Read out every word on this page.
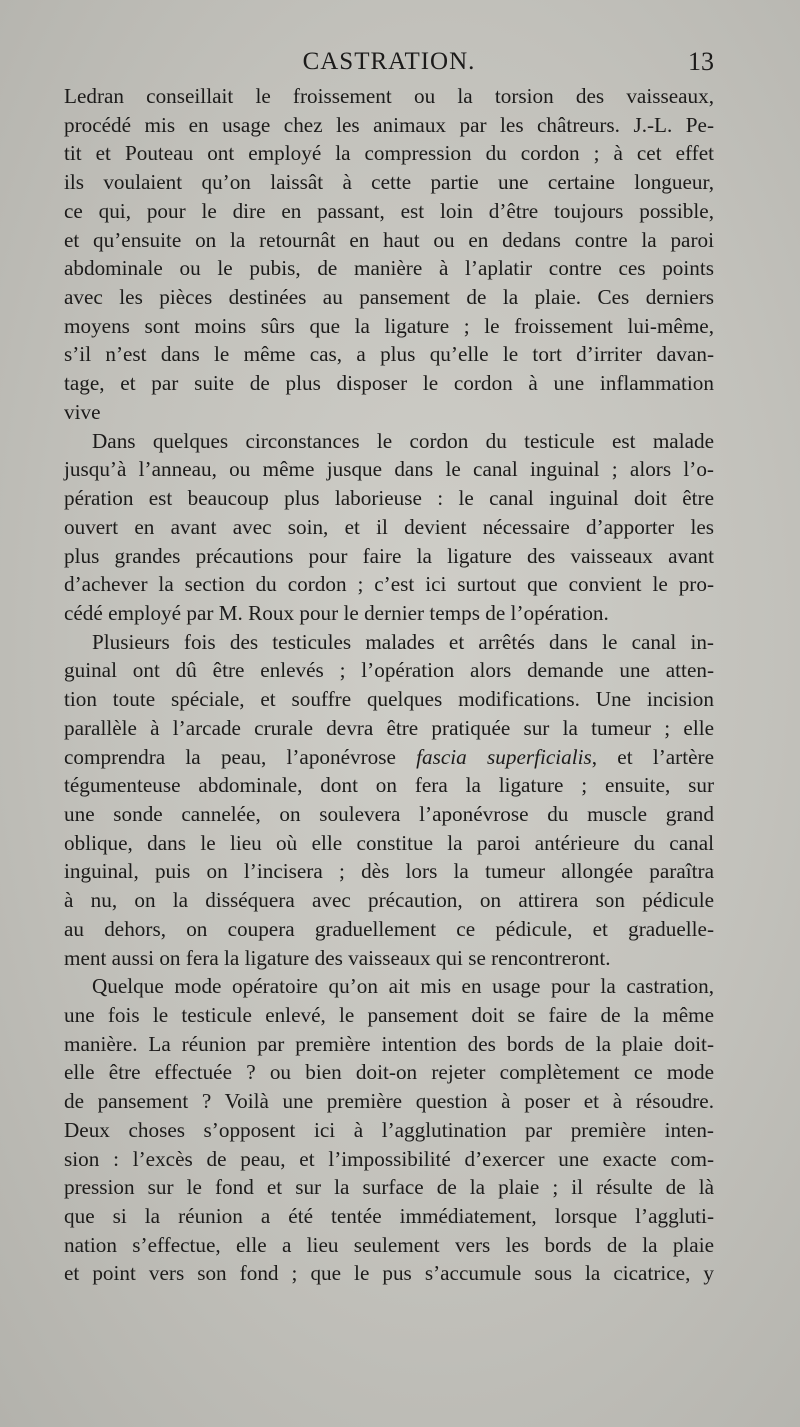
CASTRATION.	13

Ledran conseillait le froissement ou la torsion des vaisseaux,
procédé mis en usage chez les animaux par les châtreurs. J.-L. Pe-
tit et Pouteau ont employé la compression du cordon ; à cet effet
ils voulaient qu’on laissât à cette partie une certaine longueur,
ce qui, pour le dire en passant, est loin d’être toujours possible,
et qu’ensuite on la retournât en haut ou en dedans contre la paroi
abdominale ou le pubis, de manière à l’aplatir contre ces points
avec les pièces destinées au pansement de la plaie. Ces derniers
moyens sont moins sûrs que la ligature ; le froissement lui-même,
s’il n’est dans le même cas, a plus qu’elle le tort d’irriter davan-
tage, et par suite de plus disposer le cordon à une inflammation
vive

Dans quelques circonstances le cordon du testicule est malade
jusqu’à l’anneau, ou même jusque dans le canal inguinal ; alors l’o-
pération est beaucoup plus laborieuse : le canal inguinal doit être
ouvert en avant avec soin, et il devient nécessaire d’apporter les
plus grandes précautions pour faire la ligature des vaisseaux avant
d’achever la section du cordon ; c’est ici surtout que convient le pro-
cédé employé par M. Roux pour le dernier temps de l’opération.

Plusieurs fois des testicules malades et arrêtés dans le canal in-
guinal ont dû être enlevés ; l’opération alors demande une atten-
tion toute spéciale, et souffre quelques modifications. Une incision
parallèle à l’arcade crurale devra être pratiquée sur la tumeur ; elle
comprendra la peau, l’aponévrose fascia superficialis, et l’artère
tégumenteuse abdominale, dont on fera la ligature ; ensuite, sur
une sonde cannelée, on soulevera l’aponévrose du muscle grand
oblique, dans le lieu où elle constitue la paroi antérieure du canal
inguinal, puis on l’incisera ; dès lors la tumeur allongée paraîtra
à nu, on la disséquera avec précaution, on attirera son pédicule
au dehors, on coupera graduellement ce pédicule, et graduelle-
ment aussi on fera la ligature des vaisseaux qui se rencontreront.

Quelque mode opératoire qu’on ait mis en usage pour la castration,
une fois le testicule enlevé, le pansement doit se faire de la même
manière. La réunion par première intention des bords de la plaie doit-
elle être effectuée ? ou bien doit-on rejeter complètement ce mode
de pansement ? Voilà une première question à poser et à résoudre.
Deux choses s’opposent ici à l’agglutination par première inten-
sion : l’excès de peau, et l’impossibilité d’exercer une exacte com-
pression sur le fond et sur la surface de la plaie ; il résulte de là
que si la réunion a été tentée immédiatement, lorsque l’aggluti-
nation s’effectue, elle a lieu seulement vers les bords de la plaie
et point vers son fond ; que le pus s’accumule sous la cicatrice, y
